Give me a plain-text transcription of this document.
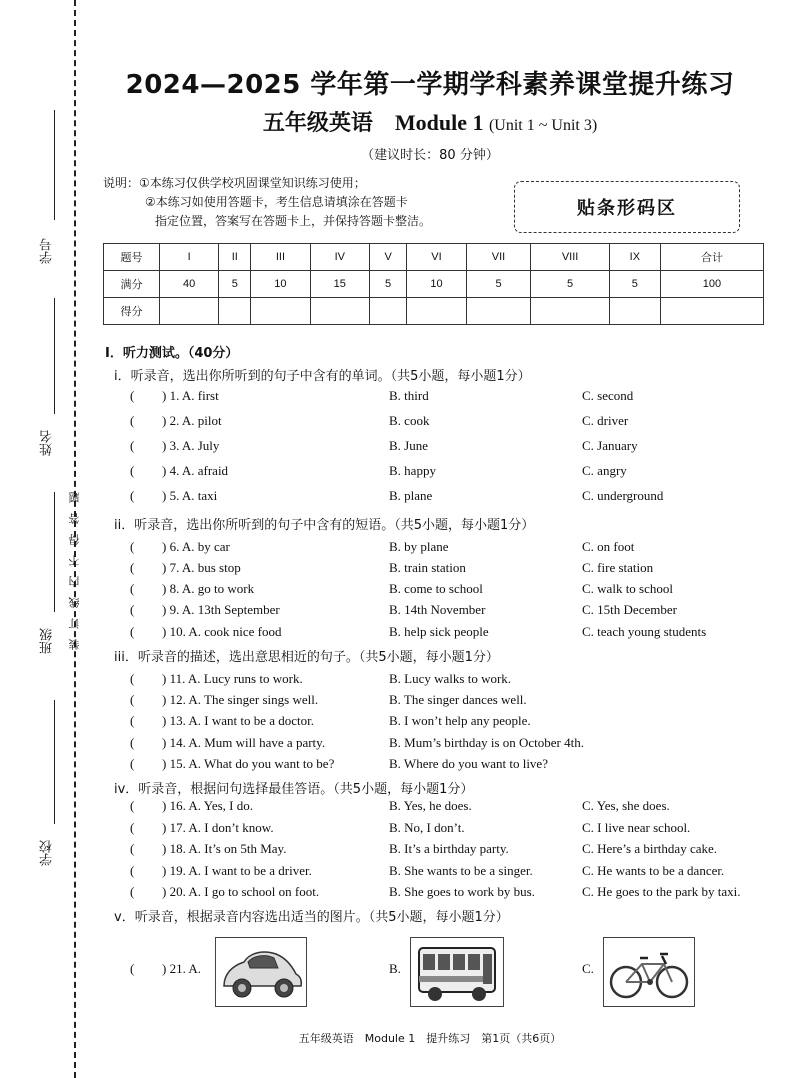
学号
姓名
班级
学校
装订线内不得答题
2024—2025 学年第一学期学科素养课堂提升练习
五年级英语 Module 1 (Unit 1 ~ Unit 3)
（建议时长：80 分钟）
说明：①本练习仅供学校巩固课堂知识练习使用；
②本练习如使用答题卡，考生信息请填涂在答题卡
指定位置，答案写在答题卡上，并保持答题卡整洁。
贴条形码区
题号	I	II	III	IV	V	VI	VII	VIII	IX	合计
满分	40	5	10	15	5	10	5	5	5	100
得分										
I．听力测试。（40分）
i．听录音，选出你所听到的句子中含有的单词。（共5小题，每小题1分）
( ) 1. A. first	B. third	C. second
( ) 2. A. pilot	B. cook	C. driver
( ) 3. A. July	B. June	C. January
( ) 4. A. afraid	B. happy	C. angry
( ) 5. A. taxi	B. plane	C. underground
ii．听录音，选出你所听到的句子中含有的短语。（共5小题，每小题1分）
( ) 6. A. by car	B. by plane	C. on foot
( ) 7. A. bus stop	B. train station	C. fire station
( ) 8. A. go to work	B. come to school	C. walk to school
( ) 9. A. 13th September	B. 14th November	C. 15th December
( ) 10. A. cook nice food	B. help sick people	C. teach young students
iii．听录音的描述，选出意思相近的句子。（共5小题，每小题1分）
( ) 11. A. Lucy runs to work.	B. Lucy walks to work.
( ) 12. A. The singer sings well.	B. The singer dances well.
( ) 13. A. I want to be a doctor.	B. I won’t help any people.
( ) 14. A. Mum will have a party.	B. Mum’s birthday is on October 4th.
( ) 15. A. What do you want to be?	B. Where do you want to live?
iv．听录音，根据问句选择最佳答语。（共5小题，每小题1分）
( ) 16. A. Yes, I do.	B. Yes, he does.	C. Yes, she does.
( ) 17. A. I don’t know.	B. No, I don’t.	C. I live near school.
( ) 18. A. It’s on 5th May.	B. It’s a birthday party.	C. Here’s a birthday cake.
( ) 19. A. I want to be a driver.	B. She wants to be a singer.	C. He wants to be a dancer.
( ) 20. A. I go to school on foot.	B. She goes to work by bus.	C. He goes to the park by taxi.
v．听录音，根据录音内容选出适当的图片。（共5小题，每小题1分）
( ) 21. A.	B.	C.
五年级英语　Module 1　提升练习　第1页（共6页）
